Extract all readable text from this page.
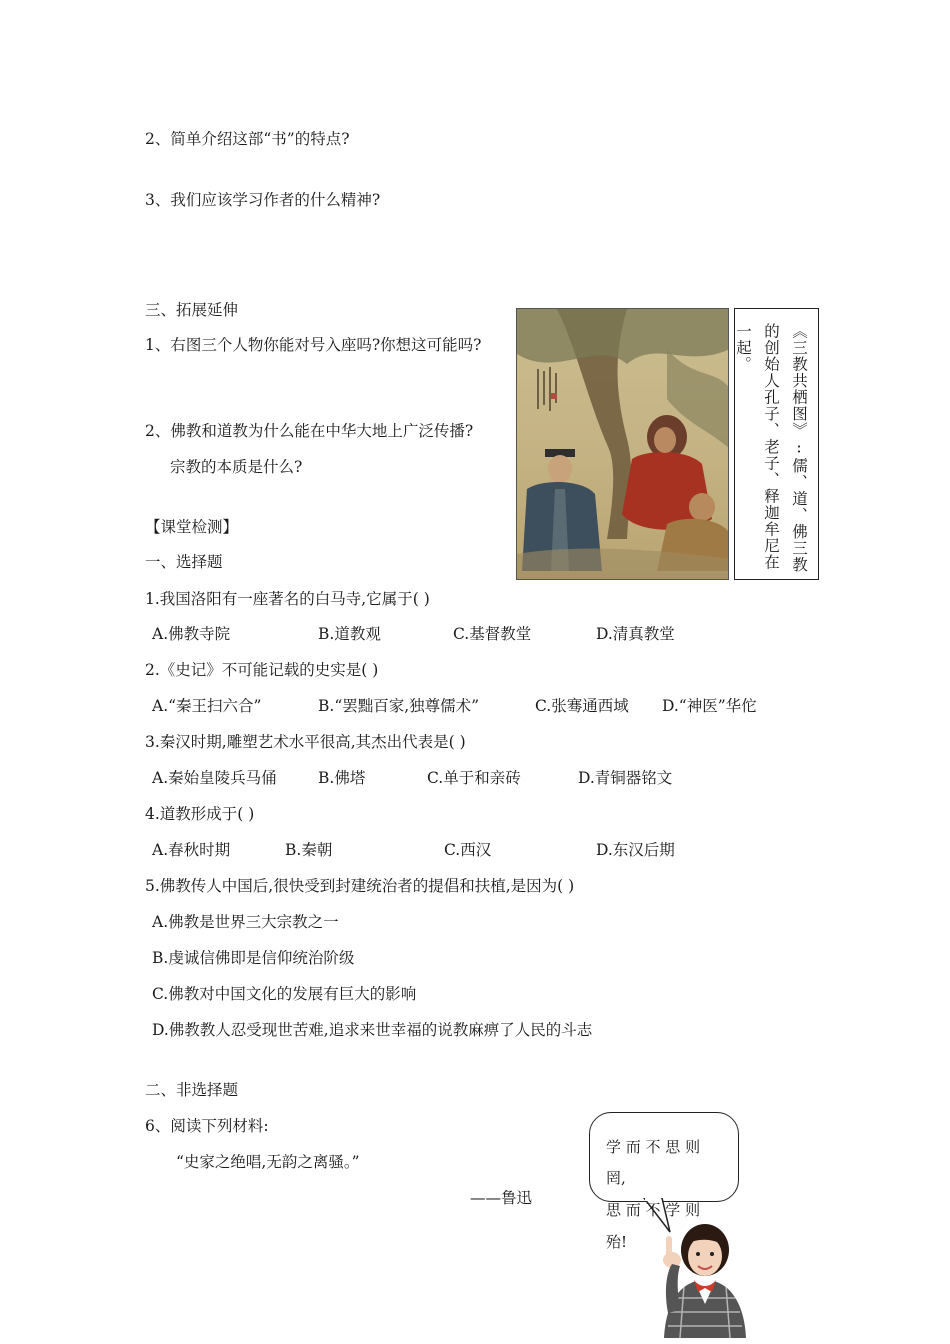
2、简单介绍这部“书”的特点?
3、我们应该学习作者的什么精神?
三、拓展延伸
1、右图三个人物你能对号入座吗?你想这可能吗?
2、佛教和道教为什么能在中华大地上广泛传播?
宗教的本质是什么?	《三教共栖图》:儒、道、佛三教
的创始人孔子、老子、释迦牟尼在
一起。
【课堂检测】
一、选择题
1.我国洛阳有一座著名的白马寺,它属于( )
A.佛教寺院	B.道教观	C.基督教堂	D.清真教堂
2.《史记》不可能记载的史实是( )
A.“秦王扫六合”	B.“罢黜百家,独尊儒术”	C.张骞通西域 D.“神医”华佗
3.秦汉时期,雕塑艺术水平很高,其杰出代表是( )
A.秦始皇陵兵马俑	B.佛塔	C.单于和亲砖	D.青铜器铭文
4.道教形成于( )
A.春秋时期	B.秦朝	C.西汉	D.东汉后期
5.佛教传人中国后,很快受到封建统治者的提倡和扶植,是因为( )
A.佛教是世界三大宗教之一
B.虔诚信佛即是信仰统治阶级
C.佛教对中国文化的发展有巨大的影响
D.佛教教人忍受现世苦难,追求来世幸福的说教麻痹了人民的斗志
二、非选择题
6、阅读下列材料:
“史家之绝唱,无韵之离骚。”
——鲁迅
学 而 不 思 则
罔,
思 而 不 学 则
殆!
